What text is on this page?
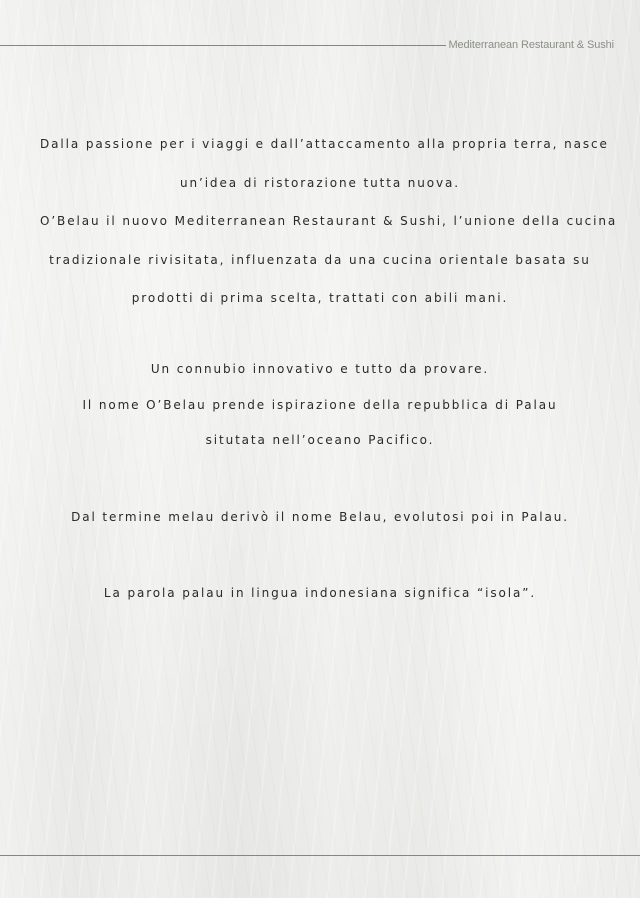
Mediterranean Restaurant & Sushi

Dalla passione per i viaggi e dall’attaccamento alla propria terra, nasce
un’idea di ristorazione tutta nuova.
O’Belau il nuovo Mediterranean Restaurant & Sushi, l’unione della cucina
tradizionale rivisitata, influenzata da una cucina orientale basata su
prodotti di prima scelta, trattati con abili mani.

Un connubio innovativo e tutto da provare.
Il nome O’Belau prende ispirazione della repubblica di Palau
situtata nell’oceano Pacifico.

Dal termine melau derivò il nome Belau, evolutosi poi in Palau.

La parola palau in lingua indonesiana significa “isola”.
